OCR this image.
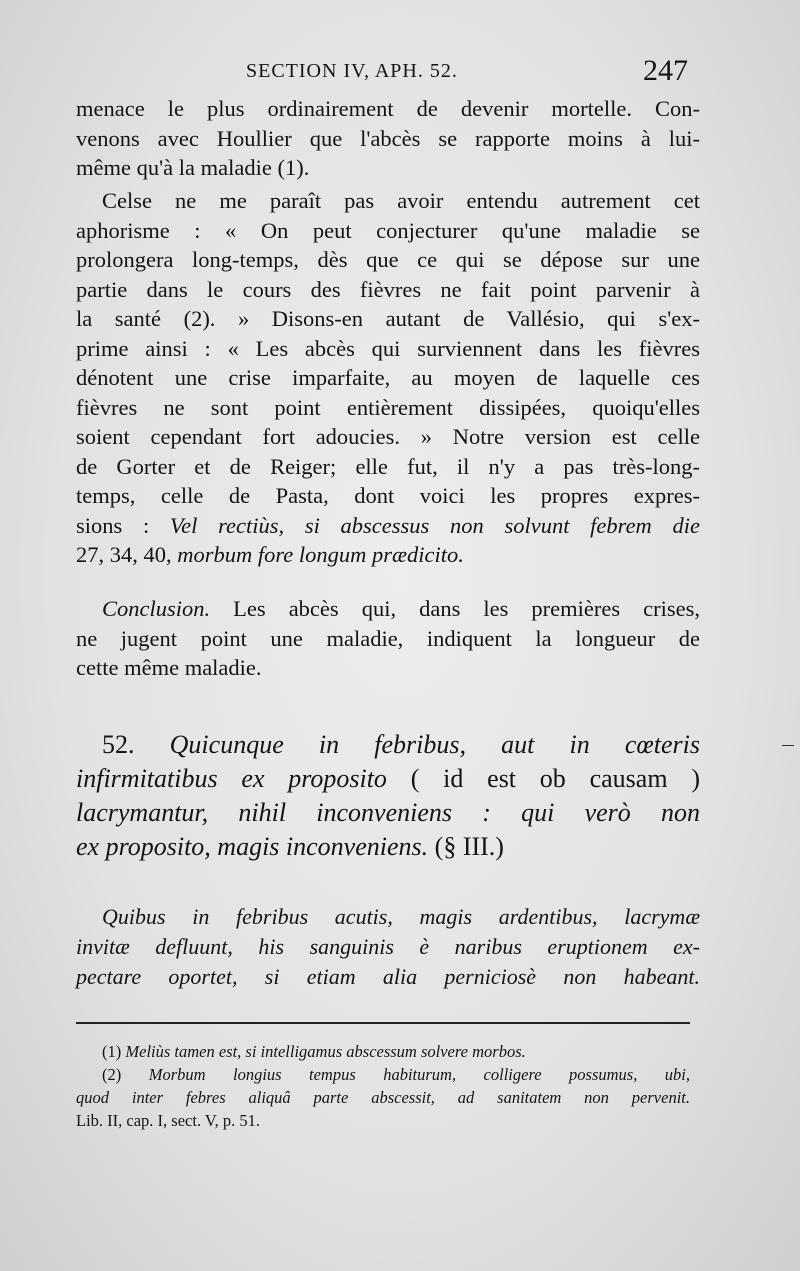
SECTION IV, APH. 52.	247
menace le plus ordinairement de devenir mortelle. Con-
venons avec Houllier que l'abcès se rapporte moins à lui-
même qu'à la maladie (1).
Celse ne me paraît pas avoir entendu autrement cet
aphorisme : « On peut conjecturer qu'une maladie se
prolongera long-temps, dès que ce qui se dépose sur une
partie dans le cours des fièvres ne fait point parvenir à
la santé (2). » Disons-en autant de Vallésio, qui s'ex-
prime ainsi : « Les abcès qui surviennent dans les fièvres
dénotent une crise imparfaite, au moyen de laquelle ces
fièvres ne sont point entièrement dissipées, quoiqu'elles
soient cependant fort adoucies. » Notre version est celle
de Gorter et de Reiger; elle fut, il n'y a pas très-long-
temps, celle de Pasta, dont voici les propres expres-
sions : Vel rectiùs, si abscessus non solvunt febrem die
27, 34, 40, morbum fore longum prædicito.
Conclusion. Les abcès qui, dans les premières crises,
ne jugent point une maladie, indiquent la longueur de
cette même maladie.
52. Quicunque in febribus, aut in cœteris
infirmitatibus ex proposito ( id est ob causam )
lacrymantur, nihil inconveniens : qui verò non
ex proposito, magis inconveniens. (§ III.)
Quibus in febribus acutis, magis ardentibus, lacrymæ
invitæ defluunt, his sanguinis è naribus eruptionem ex-
pectare oportet, si etiam alia perniciosè non habeant.
(1) Meliùs tamen est, si intelligamus abscessum solvere morbos.
(2) Morbum longius tempus habiturum, colligere possumus, ubi,
quod inter febres aliquâ parte abscessit, ad sanitatem non pervenit.
Lib. II, cap. I, sect. V, p. 51.
